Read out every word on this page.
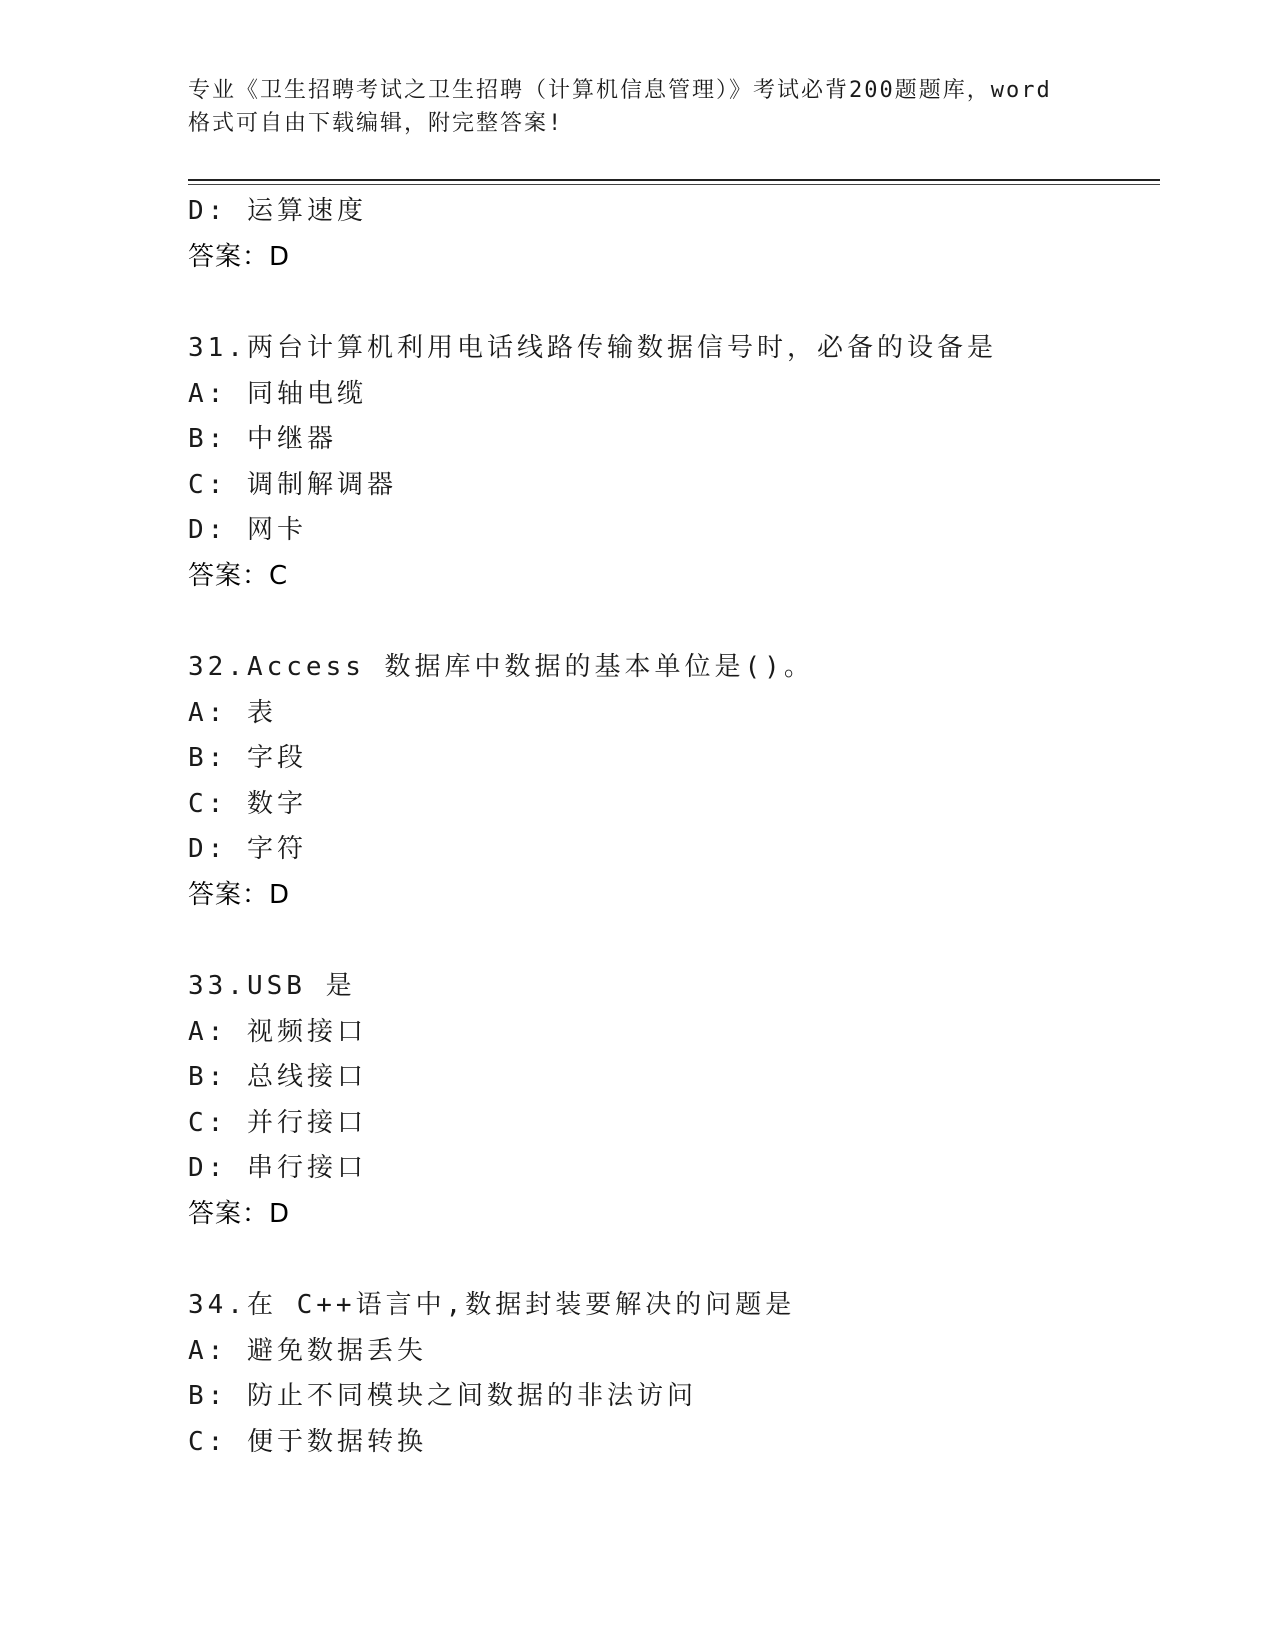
专业《卫生招聘考试之卫生招聘（计算机信息管理）》考试必背200题题库，word
格式可自由下载编辑，附完整答案!
D: 运算速度
答案：D
31.两台计算机利用电话线路传输数据信号时，必备的设备是
A: 同轴电缆
B: 中继器
C: 调制解调器
D: 网卡
答案：C
32.Access 数据库中数据的基本单位是()。
A: 表
B: 字段
C: 数字
D: 字符
答案：D
33.USB 是
A: 视频接口
B: 总线接口
C: 并行接口
D: 串行接口
答案：D
34.在 C++语言中,数据封装要解决的问题是
A: 避免数据丢失
B: 防止不同模块之间数据的非法访问
C: 便于数据转换
